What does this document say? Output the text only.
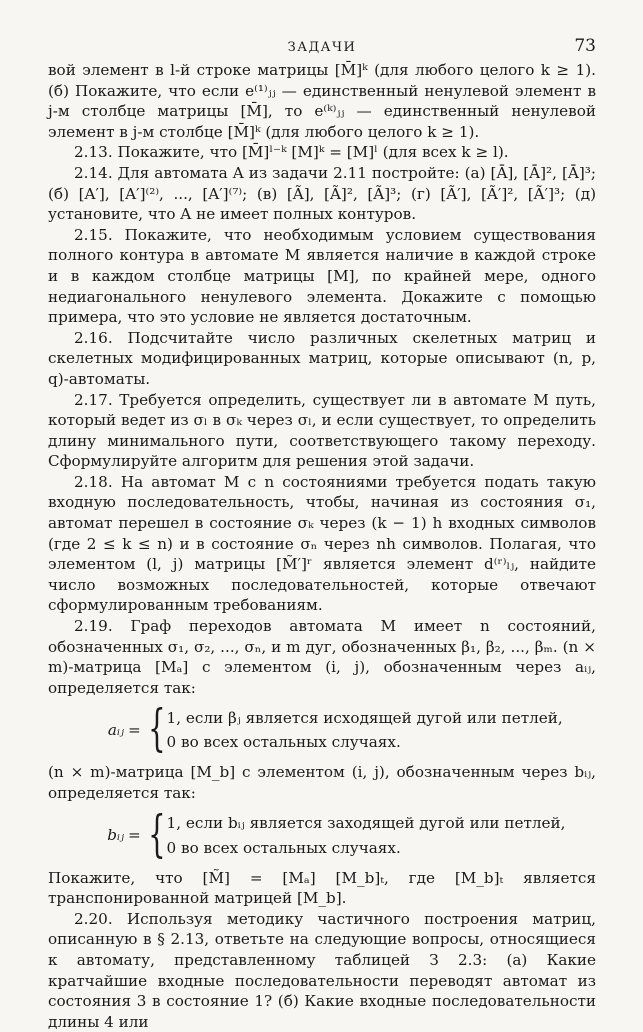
ЗАДАЧИ	73

вой элемент в l-й строке матрицы [M̄]ᵏ (для любого целого k ≥ 1). (б) Покажите, что если e⁽¹⁾ⱼⱼ — единственный ненулевой элемент в j-м столбце матрицы [M̄], то e⁽ᵏ⁾ⱼⱼ — единственный ненулевой элемент в j-м столбце [M̄]ᵏ (для любого целого k ≥ 1).

2.13. Покажите, что [M̄]ˡ⁻ᵏ [M]ᵏ = [M]ˡ (для всех k ≥ l).

2.14. Для автомата A из задачи 2.11 постройте: (а) [Ā], [Ā]², [Ā]³; (б) [A′], [A′]⁽²⁾, ..., [A′]⁽⁷⁾; (в) [Ã], [Ã]², [Ã]³; (г) [Ã′], [Ã′]², [Ã′]³; (д) установите, что A не имеет полных контуров.

2.15. Покажите, что необходимым условием существования полного контура в автомате M является наличие в каждой строке и в каждом столбце матрицы [M], по крайней мере, одного недиагонального ненулевого элемента. Докажите с помощью примера, что это условие не является достаточным.

2.16. Подсчитайте число различных скелетных матриц и скелетных модифицированных матриц, которые описывают (n, p, q)-автоматы.

2.17. Требуется определить, существует ли в автомате M путь, который ведет из σₗ в σₖ через σₗ, и если существует, то определить длину минимального пути, соответствующего такому переходу. Сформулируйте алгоритм для решения этой задачи.

2.18. На автомат M с n состояниями требуется подать такую входную последовательность, чтобы, начиная из состояния σ₁, автомат перешел в состояние σₖ через (k − 1) h входных символов (где 2 ≤ k ≤ n) и в состояние σₙ через nh символов. Полагая, что элементом (l, j) матрицы [M̃′]ʳ является элемент d⁽ʳ⁾ₗⱼ, найдите число возможных последовательностей, которые отвечают сформулированным требованиям.

2.19. Граф переходов автомата M имеет n состояний, обозначенных σ₁, σ₂, ..., σₙ, и m дуг, обозначенных β₁, β₂, ..., βₘ. (n × m)-матрица [Mₐ] с элементом (i, j), обозначенным через aᵢⱼ, определяется так:

aᵢⱼ = { 1, если βⱼ является исходящей дугой или петлей,
0 во всех остальных случаях.

(n × m)-матрица [M_b] с элементом (i, j), обозначенным через bᵢⱼ, определяется так:

bᵢⱼ = { 1, если bᵢⱼ является заходящей дугой или петлей,
0 во всех остальных случаях.

Покажите, что [M̃] = [Mₐ] [M_b]ₜ, где [M_b]ₜ является транспонированной матрицей [M_b].

2.20. Используя методику частичного построения матриц, описанную в § 2.13, ответьте на следующие вопросы, относящиеся к автомату, представленному таблицей З 2.3: (а) Какие кратчайшие входные последовательности переводят автомат из состояния 3 в состояние 1? (б) Какие входные последовательности длины 4 или
